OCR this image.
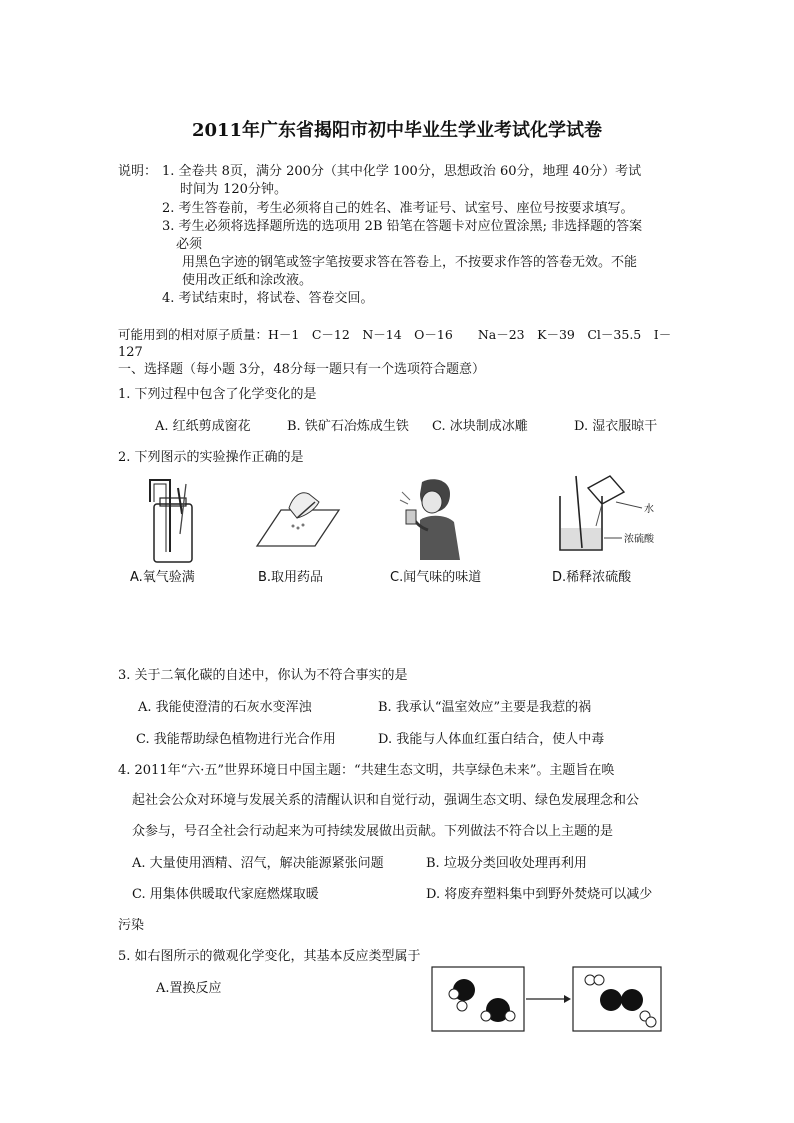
2011年广东省揭阳市初中毕业生学业考试化学试卷
说明： 1. 全卷共 8页，满分 200分（其中化学 100分，思想政治 60分，地理 40分）考试
时间为 120分钟。
2. 考生答卷前，考生必须将自己的姓名、准考证号、试室号、座位号按要求填写。
3. 考生必须将选择题所选的选项用 2B 铅笔在答题卡对应位置涂黑; 非选择题的答案
必须
用黑色字迹的钢笔或签字笔按要求答在答卷上，不按要求作答的答卷无效。不能
使用改正纸和涂改液。
4. 考试结束时，将试卷、答卷交回。
可能用到的相对原子质量：H－1　C－12　N－14　O－16　　Na－23　K－39　Cl－35.5　I－
127
一、选择题（每小题 3分，48分每一题只有一个选项符合题意）
1. 下列过程中包含了化学变化的是
A. 红纸剪成窗花	B. 铁矿石冶炼成生铁 C. 冰块制成冰雕	D. 湿衣服晾干
2. 下列图示的实验操作正确的是
A.氧气验满	B.取用药品	C.闻气味的味道
水
浓硫酸
D.稀释浓硫酸
3. 关于二氧化碳的自述中，你认为不符合事实的是
A. 我能使澄清的石灰水变浑浊	B. 我承认“温室效应”主要是我惹的祸
C. 我能帮助绿色植物进行光合作用	D. 我能与人体血红蛋白结合，使人中毒
4. 2011年“六·五”世界环境日中国主题：“共建生态文明，共享绿色未来”。主题旨在唤
起社会公众对环境与发展关系的清醒认识和自觉行动，强调生态文明、绿色发展理念和公
众参与，号召全社会行动起来为可持续发展做出贡献。下列做法不符合以上主题的是
A. 大量使用酒精、沼气，解决能源紧张问题	B. 垃圾分类回收处理再利用
C. 用集体供暖取代家庭燃煤取暖	D. 将废弃塑料集中到野外焚烧可以减少
污染
5. 如右图所示的微观化学变化，其基本反应类型属于
A.置换反应
